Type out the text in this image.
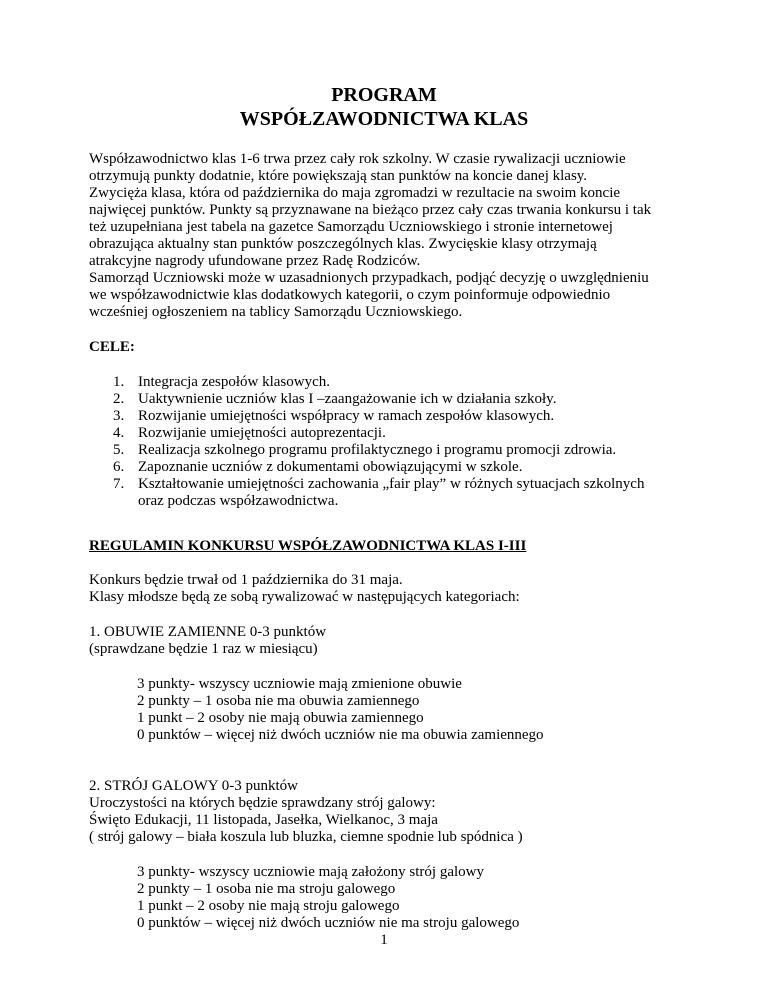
PROGRAM
WSPÓŁZAWODNICTWA KLAS

Współzawodnictwo klas 1-6 trwa przez cały rok szkolny. W czasie rywalizacji uczniowie

otrzymują punkty dodatnie, które powiększają stan punktów na koncie danej klasy.

Zwycięża klasa, która od października do maja zgromadzi w rezultacie na swoim koncie

najwięcej punktów. Punkty są przyznawane na bieżąco przez cały czas trwania konkursu i tak

też uzupełniana jest tabela na gazetce Samorządu Uczniowskiego i stronie internetowej

obrazująca aktualny stan punktów poszczególnych klas. Zwycięskie klasy otrzymają

atrakcyjne nagrody ufundowane przez Radę Rodziców.

Samorząd Uczniowski może w uzasadnionych przypadkach, podjąć decyzję o uwzględnieniu

we współzawodnictwie klas dodatkowych kategorii, o czym poinformuje odpowiednio

wcześniej ogłoszeniem na tablicy Samorządu Uczniowskiego.

CELE:

1. Integracja zespołów klasowych.
2. Uaktywnienie uczniów klas I –zaangażowanie ich w działania szkoły.
3. Rozwijanie umiejętności współpracy w ramach zespołów klasowych.
4. Rozwijanie umiejętności autoprezentacji.
5. Realizacja szkolnego programu profilaktycznego i programu promocji zdrowia.
6. Zapoznanie uczniów z dokumentami obowiązującymi w szkole.
7. Kształtowanie umiejętności zachowania „fair play” w różnych sytuacjach szkolnych
oraz podczas współzawodnictwa.

REGULAMIN KONKURSU WSPÓŁZAWODNICTWA KLAS I-III

Konkurs będzie trwał od 1 października do 31 maja.

Klasy młodsze będą ze sobą rywalizować w następujących kategoriach:

1. OBUWIE ZAMIENNE 0-3 punktów

(sprawdzane będzie 1 raz w miesiącu)

3 punkty- wszyscy uczniowie mają zmienione obuwie
2 punkty – 1 osoba nie ma obuwia zamiennego
1 punkt – 2 osoby nie mają obuwia zamiennego
0 punktów – więcej niż dwóch uczniów nie ma obuwia zamiennego

2. STRÓJ GALOWY 0-3 punktów

Uroczystości na których będzie sprawdzany strój galowy:

Święto Edukacji, 11 listopada, Jasełka, Wielkanoc, 3 maja

( strój galowy – biała koszula lub bluzka, ciemne spodnie lub spódnica )

3 punkty- wszyscy uczniowie mają założony strój galowy
2 punkty – 1 osoba nie ma stroju galowego
1 punkt – 2 osoby nie mają stroju galowego
0 punktów – więcej niż dwóch uczniów nie ma stroju galowego
1
